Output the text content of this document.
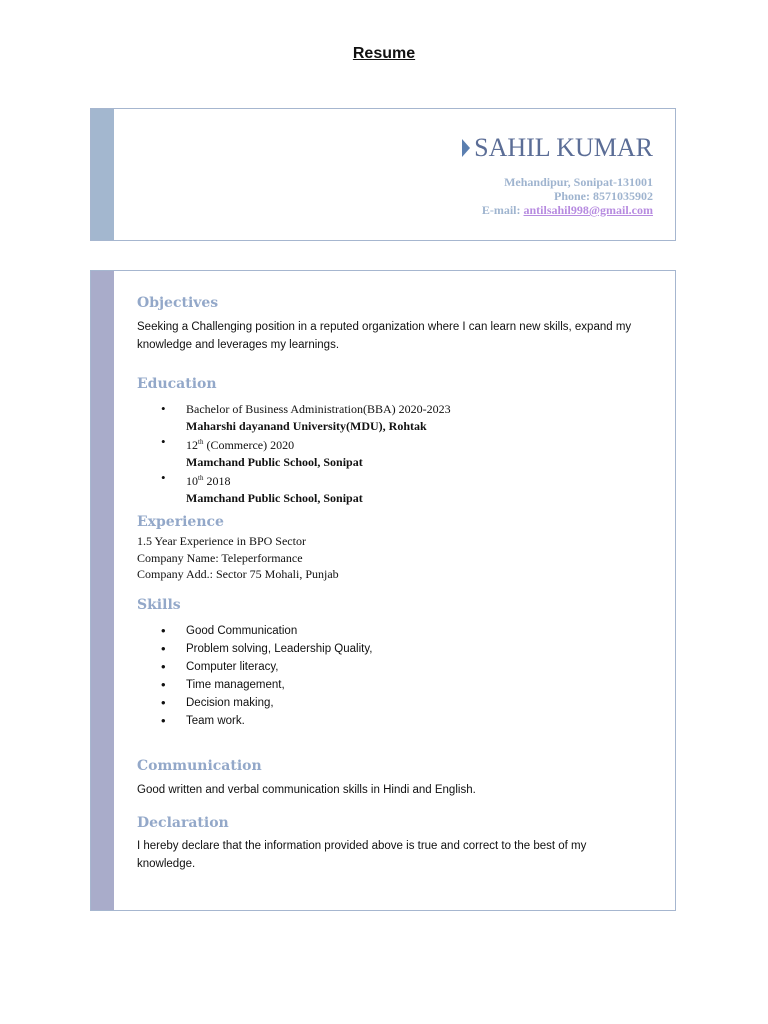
Resume
SAHIL KUMAR
Mehandipur, Sonipat-131001
Phone: 8571035902
E-mail: antilsahil998@gmail.com
Objectives
Seeking a Challenging position in a reputed organization where I can learn new skills, expand my knowledge and leverages my learnings.
Education
• Bachelor of Business Administration(BBA) 2020-2023
Maharshi dayanand University(MDU), Rohtak
• 12th (Commerce) 2020
Mamchand Public School, Sonipat
• 10th 2018
Mamchand Public School, Sonipat
Experience
1.5 Year Experience in BPO Sector
Company Name: Teleperformance
Company Add.: Sector 75 Mohali, Punjab
Skills
• Good Communication
• Problem solving, Leadership Quality,
• Computer literacy,
• Time management,
• Decision making,
• Team work.
Communication
Good written and verbal communication skills in Hindi and English.
Declaration
I hereby declare that the information provided above is true and correct to the best of my knowledge.
